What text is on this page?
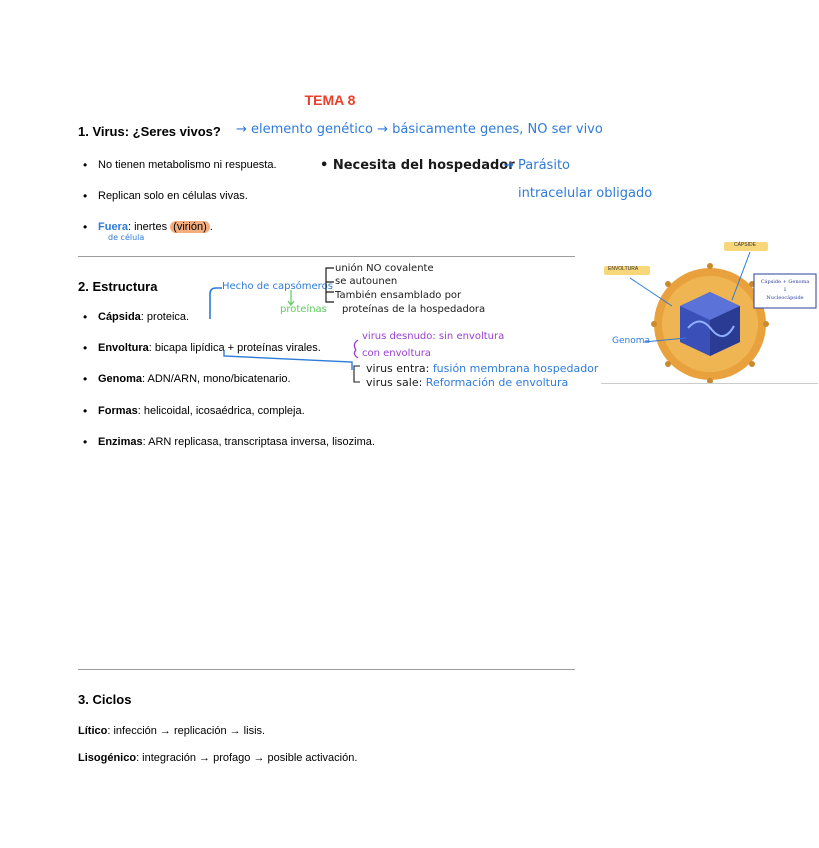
TEMA 8
1. Virus: ¿Seres vivos? → elemento genético → básicamente genes, NO ser vivo
• No tienen metabolismo ni respuesta.
• Replican solo en células vivas.
• Fuera: inertes (virión) .
de célula
• Necesita del hospedador
→ Parásito
intracelular obligado
2. Estructura	Hecho de capsómeros
proteínas
unión NO covalente
se autounen
También ensamblado por
proteínas de la hospedadora
• Cápsida: proteica.
• Envoltura: bicapa lipídica + proteínas virales.
• Genoma: ADN/ARN, mono/bicatenario.
• Formas: helicoidal, icosaédrica, compleja.
• Enzimas: ARN replicasa, transcriptasa inversa, lisozima.
virus desnudo: sin envoltura
con envoltura
virus entra: fusión membrana hospedador
virus sale: Reformación de envoltura
ENVOLTURA
CÁPSIDE
Genoma
Cápside + Genoma
⇩
Nucleocápside
3. Ciclos
Lítico: infección → replicación → lisis.
Lisogénico: integración → profago → posible activación.
